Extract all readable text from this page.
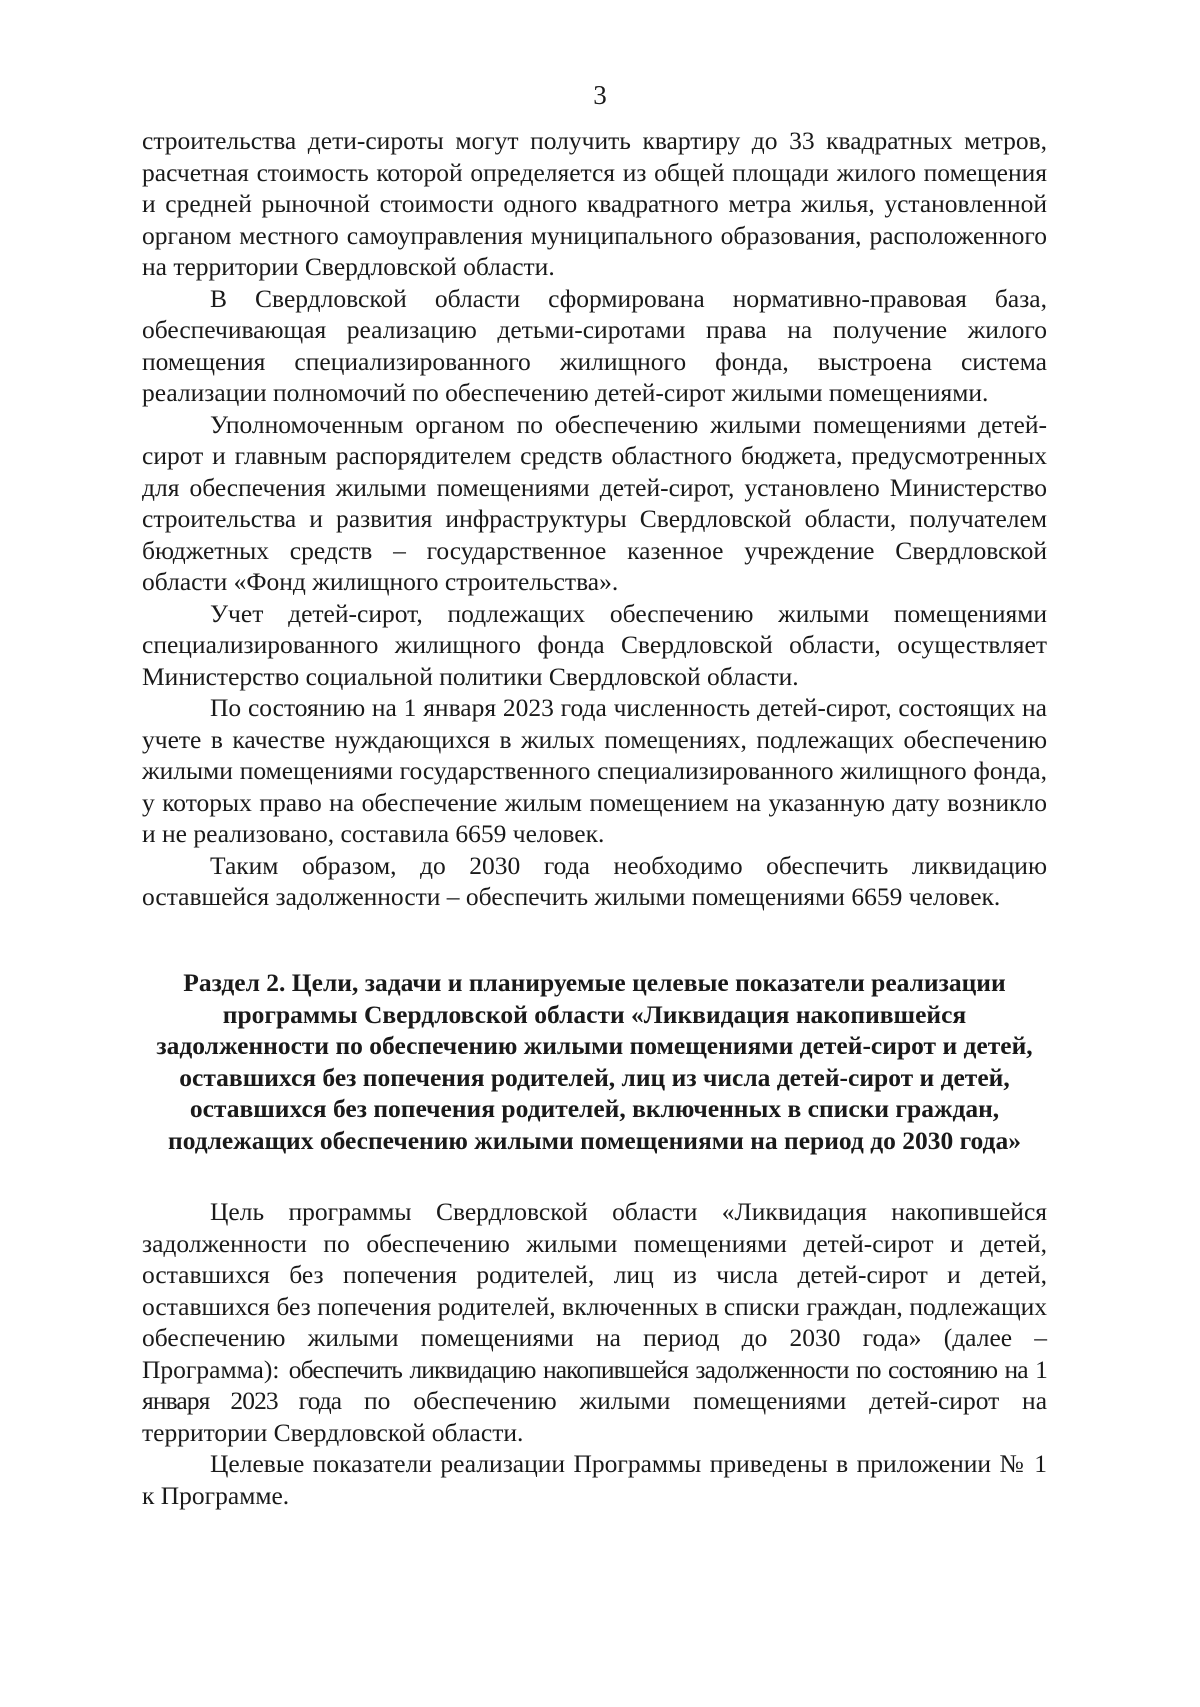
3

строительства дети-сироты могут получить квартиру до 33 квадратных метров, расчетная стоимость которой определяется из общей площади жилого помещения и средней рыночной стоимости одного квадратного метра жилья, установленной органом местного самоуправления муниципального образования, расположенного на территории Свердловской области.

В Свердловской области сформирована нормативно-правовая база, обеспечивающая реализацию детьми-сиротами права на получение жилого помещения специализированного жилищного фонда, выстроена система реализации полномочий по обеспечению детей-сирот жилыми помещениями.

Уполномоченным органом по обеспечению жилыми помещениями детей-сирот и главным распорядителем средств областного бюджета, предусмотренных для обеспечения жилыми помещениями детей-сирот, установлено Министерство строительства и развития инфраструктуры Свердловской области, получателем бюджетных средств – государственное казенное учреждение Свердловской области «Фонд жилищного строительства».

Учет детей-сирот, подлежащих обеспечению жилыми помещениями специализированного жилищного фонда Свердловской области, осуществляет Министерство социальной политики Свердловской области.

По состоянию на 1 января 2023 года численность детей-сирот, состоящих на учете в качестве нуждающихся в жилых помещениях, подлежащих обеспечению жилыми помещениями государственного специализированного жилищного фонда, у которых право на обеспечение жилым помещением на указанную дату возникло и не реализовано, составила 6659 человек.

Таким образом, до 2030 года необходимо обеспечить ликвидацию оставшейся задолженности – обеспечить жилыми помещениями 6659 человек.

Раздел 2. Цели, задачи и планируемые целевые показатели реализации
программы Свердловской области «Ликвидация накопившейся
задолженности по обеспечению жилыми помещениями детей-сирот и детей,
оставшихся без попечения родителей, лиц из числа детей-сирот и детей,
оставшихся без попечения родителей, включенных в списки граждан,
подлежащих обеспечению жилыми помещениями на период до 2030 года»

Цель программы Свердловской области «Ликвидация накопившейся задолженности по обеспечению жилыми помещениями детей-сирот и детей, оставшихся без попечения родителей, лиц из числа детей-сирот и детей, оставшихся без попечения родителей, включенных в списки граждан, подлежащих обеспечению жилыми помещениями на период до 2030 года» (далее – Программа): обеспечить ликвидацию накопившейся задолженности по состоянию на 1 января 2023 года по обеспечению жилыми помещениями детей-сирот на территории Свердловской области.

Целевые показатели реализации Программы приведены в приложении № 1 к Программе.
